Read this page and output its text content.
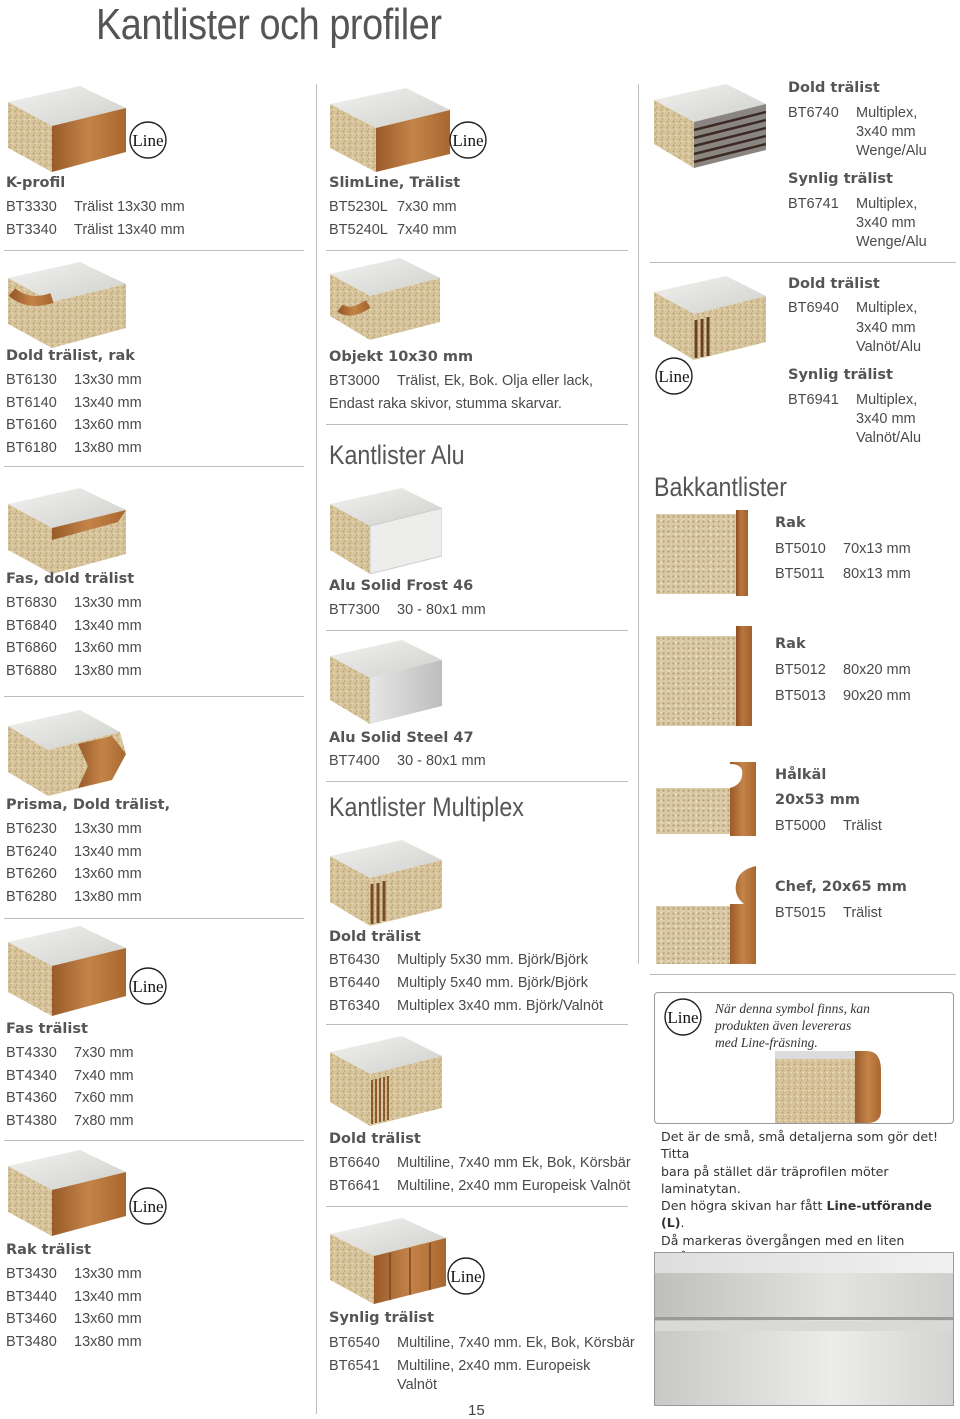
Kantlister och profiler
Line
K-profil
BT3330 Trälist 13x30 mm
BT3340 Trälist 13x40 mm
Dold trälist, rak
BT6130 13x30 mm
BT6140 13x40 mm
BT6160 13x60 mm
BT6180 13x80 mm
Fas, dold trälist
BT6830 13x30 mm
BT6840 13x40 mm
BT6860 13x60 mm
BT6880 13x80 mm
Prisma, Dold trälist,
BT6230 13x30 mm
BT6240 13x40 mm
BT6260 13x60 mm
BT6280 13x80 mm
Line
Fas trälist
BT4330 7x30 mm
BT4340 7x40 mm
BT4360 7x60 mm
BT4380 7x80 mm
Line
Rak trälist
BT3430 13x30 mm
BT3440 13x40 mm
BT3460 13x60 mm
BT3480 13x80 mm
Line
SlimLine, Trälist
BT5230L 7x30 mm
BT5240L 7x40 mm
Objekt 10x30 mm
BT3000 Trälist, Ek, Bok. Olja eller lack,
Endast raka skivor, stumma skarvar.
Kantlister Alu
Alu Solid Frost 46
BT7300 30 - 80x1 mm
Alu Solid Steel 47
BT7400 30 - 80x1 mm
Kantlister Multiplex
Dold trälist
BT6430 Multiply 5x30 mm. Björk/Björk
BT6440 Multiply 5x40 mm. Björk/Björk
BT6340 Multiplex 3x40 mm. Björk/Valnöt
Dold trälist
BT6640 Multiline, 7x40 mm Ek, Bok, Körsbär
BT6641 Multiline, 2x40 mm Europeisk Valnöt
Line
Synlig trälist
BT6540 Multiline, 7x40 mm. Ek, Bok, Körsbär
BT6541 Multiline, 2x40 mm. Europeisk
Valnöt
Dold trälist
BT6740 Multiplex,
3x40 mm
Wenge/Alu
Synlig trälist
BT6741 Multiplex,
3x40 mm
Wenge/Alu
Line
Dold trälist
BT6940 Multiplex,
3x40 mm
Valnöt/Alu
Synlig trälist
BT6941 Multiplex,
3x40 mm
Valnöt/Alu
Bakkantlister
Rak
BT5010 70x13 mm
BT5011 80x13 mm
Rak
BT5012 80x20 mm
BT5013 90x20 mm
Hålkäl
20x53 mm
BT5000 Trälist
Chef, 20x65 mm
BT5015 Trälist
Line När denna symbol finns, kan
produkten även levereras
med Line-fräsning.
Det är de små, små detaljerna som gör det! Titta
bara på stället där träprofilen möter laminatytan.
Den högra skivan har fått Line-utförande (L).
Då markeras övergången med en liten
15
